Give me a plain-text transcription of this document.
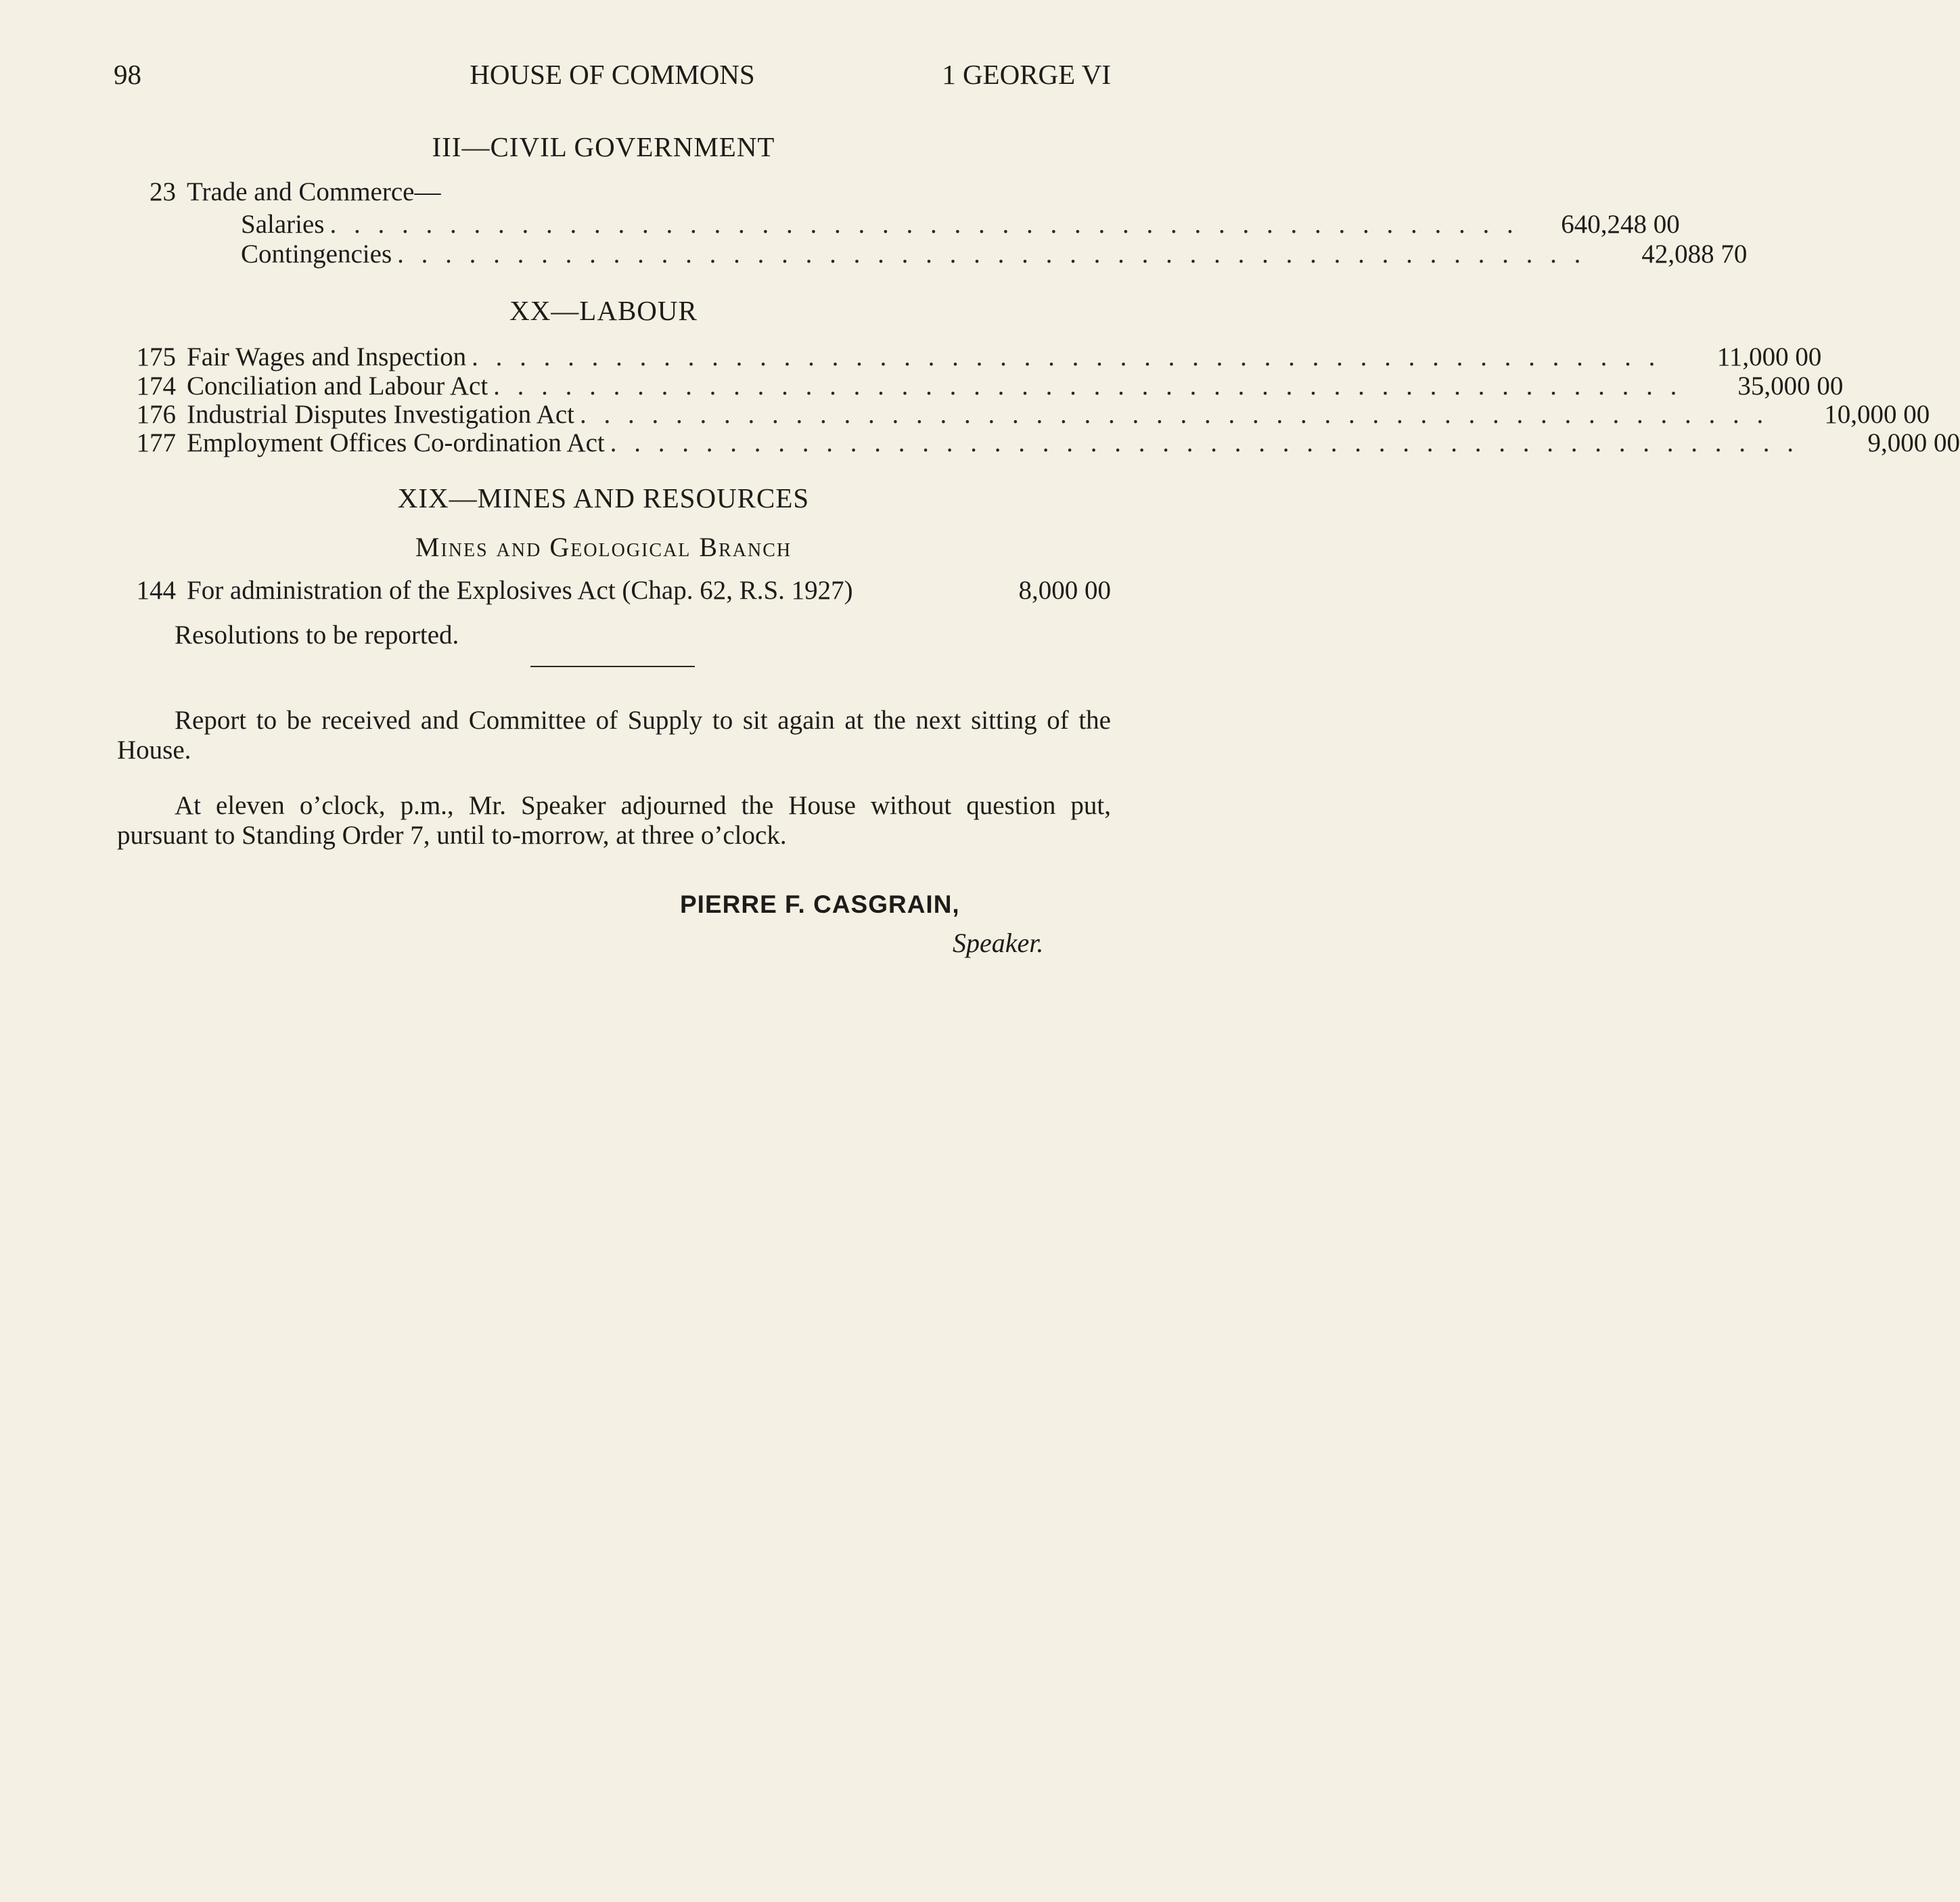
98	HOUSE OF COMMONS	1 GEORGE VI
III—CIVIL GOVERNMENT
23 Trade and Commerce—
Salaries . . . . . . . . . . . . . . . . . . . . . . . . . . . . . . . . . . . . . . . . . . . . . . . . . .	640,248 00
Contingencies . . . . . . . . . . . . . . . . . . . . . . . . . . . . . . . . . . . . . . . . . . . . . . . . . .	42,088 70
XX—LABOUR
175 Fair Wages and Inspection . . . . . . . . . . . . . . . . . . . . . . . . . . . . . . . . . . . . . . . . . . . . . . . . . .	11,000 00
174 Conciliation and Labour Act . . . . . . . . . . . . . . . . . . . . . . . . . . . . . . . . . . . . . . . . . . . . . . . . . .	35,000 00
176 Industrial Disputes Investigation Act . . . . . . . . . . . . . . . . . . . . . . . . . . . . . . . . . . . . . . . . . . . . . . . . . .	10,000 00
177 Employment Offices Co-ordination Act . . . . . . . . . . . . . . . . . . . . . . . . . . . . . . . . . . . . . . . . . . . . . . . . . .	9,000 00
XIX—MINES AND RESOURCES
Mines and Geological Branch
144 For administration of the Explosives Act (Chap. 62, R.S. 1927)	8,000 00
Resolutions to be reported.
Report to be received and Committee of Supply to sit again at the next sitting of the House.
At eleven o’clock, p.m., Mr. Speaker adjourned the House without question put, pursuant to Standing Order 7, until to-morrow, at three o’clock.
PIERRE F. CASGRAIN,
Speaker.
